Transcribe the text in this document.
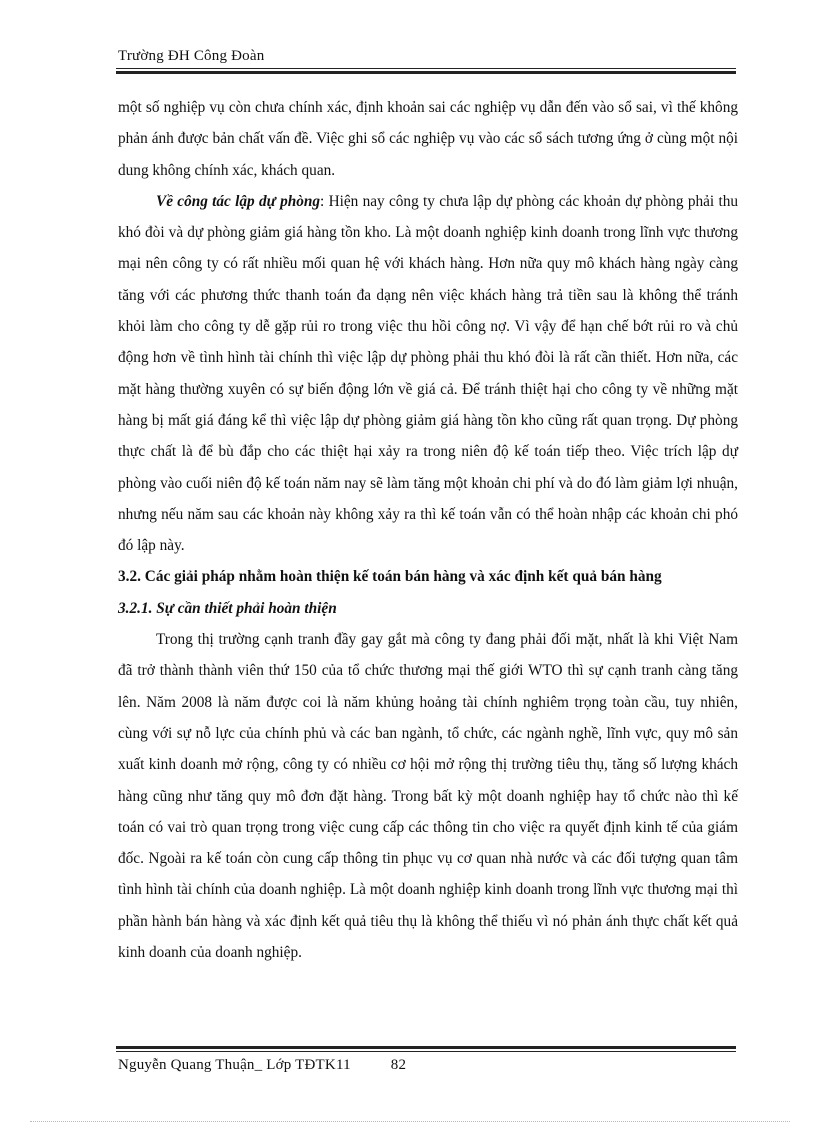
Trường ĐH Công Đoàn

một số nghiệp vụ còn chưa chính xác, định khoản sai các nghiệp vụ dẫn đến vào sổ sai, vì thế không phản ánh được bản chất vấn đề. Việc ghi sổ các nghiệp vụ vào các sổ sách tương ứng ở cùng một nội dung không chính xác, khách quan.

Về công tác lập dự phòng: Hiện nay công ty chưa lập dự phòng các khoản dự phòng phải thu khó đòi và dự phòng giảm giá hàng tồn kho. Là một doanh nghiệp kinh doanh trong lĩnh vực thương mại nên công ty có rất nhiều mối quan hệ với khách hàng. Hơn nữa quy mô khách hàng ngày càng tăng với các phương thức thanh toán đa dạng nên việc khách hàng trả tiền sau là không thể tránh khỏi làm cho công ty dễ gặp rủi ro trong việc thu hồi công nợ. Vì vậy để hạn chế bớt rủi ro và chủ động hơn về tình hình tài chính thì việc lập dự phòng phải thu khó đòi là rất cần thiết. Hơn nữa, các mặt hàng thường xuyên có sự biến động lớn về giá cả. Để tránh thiệt hại cho công ty về những mặt hàng bị mất giá đáng kể thì việc lập dự phòng giảm giá hàng tồn kho cũng rất quan trọng. Dự phòng thực chất là để bù đắp cho các thiệt hại xảy ra trong niên độ kế toán tiếp theo. Việc trích lập dự phòng vào cuối niên độ kế toán năm nay sẽ làm tăng một khoản chi phí và do đó làm giảm lợi nhuận, nhưng nếu năm sau các khoản này không xảy ra thì kế toán vẫn có thể hoàn nhập các khoản chi phó đó lập này.

3.2. Các giải pháp nhằm hoàn thiện kế toán bán hàng và xác định kết quả bán hàng

3.2.1. Sự cần thiết phải hoàn thiện

Trong thị trường cạnh tranh đầy gay gắt mà công ty đang phải đối mặt, nhất là khi Việt Nam đã trở thành thành viên thứ 150 của tổ chức thương mại thế giới WTO thì sự cạnh tranh càng tăng lên. Năm 2008 là năm được coi là năm khủng hoảng tài chính nghiêm trọng toàn cầu, tuy nhiên, cùng với sự nỗ lực của chính phủ và các ban ngành, tổ chức, các ngành nghề, lĩnh vực, quy mô sản xuất kinh doanh mở rộng, công ty có nhiều cơ hội mở rộng thị trường tiêu thụ, tăng số lượng khách hàng cũng như tăng quy mô đơn đặt hàng. Trong bất kỳ một doanh nghiệp hay tổ chức nào thì kế toán có vai trò quan trọng trong việc cung cấp các thông tin cho việc ra quyết định kinh tế của giám đốc. Ngoài ra kế toán còn cung cấp thông tin phục vụ cơ quan nhà nước và các đối tượng quan tâm tình hình tài chính của doanh nghiệp. Là một doanh nghiệp kinh doanh trong lĩnh vực thương mại thì phần hành bán hàng và xác định kết quả tiêu thụ là không thể thiếu vì nó phản ánh thực chất kết quả kinh doanh của doanh nghiệp.

Nguyễn Quang Thuận_ Lớp TĐTK11	82
